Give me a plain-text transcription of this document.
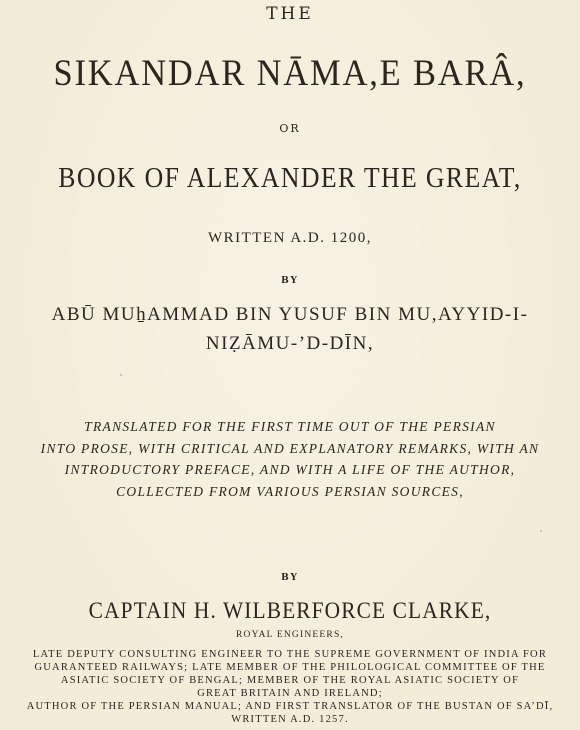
THE
SIKANDAR NĀMA,E BARÂ,
OR
BOOK OF ALEXANDER THE GREAT,
WRITTEN A.D. 1200,
BY
ABŪ MUẖAMMAD BIN YUSUF BIN MU,AYYID-I-
NIẒĀMU-’D-DĪN,
TRANSLATED FOR THE FIRST TIME OUT OF THE PERSIAN
INTO PROSE, WITH CRITICAL AND EXPLANATORY REMARKS, WITH AN
INTRODUCTORY PREFACE, AND WITH A LIFE OF THE AUTHOR,
COLLECTED FROM VARIOUS PERSIAN SOURCES,
BY
CAPTAIN H. WILBERFORCE CLARKE,
ROYAL ENGINEERS,
LATE DEPUTY CONSULTING ENGINEER TO THE SUPREME GOVERNMENT OF INDIA FOR
GUARANTEED RAILWAYS; LATE MEMBER OF THE PHILOLOGICAL COMMITTEE OF THE
ASIATIC SOCIETY OF BENGAL; MEMBER OF THE ROYAL ASIATIC SOCIETY OF
GREAT BRITAIN AND IRELAND;
AUTHOR OF THE PERSIAN MANUAL; AND FIRST TRANSLATOR OF THE BUSTAN OF SA’DĪ,
WRITTEN A.D. 1257.
